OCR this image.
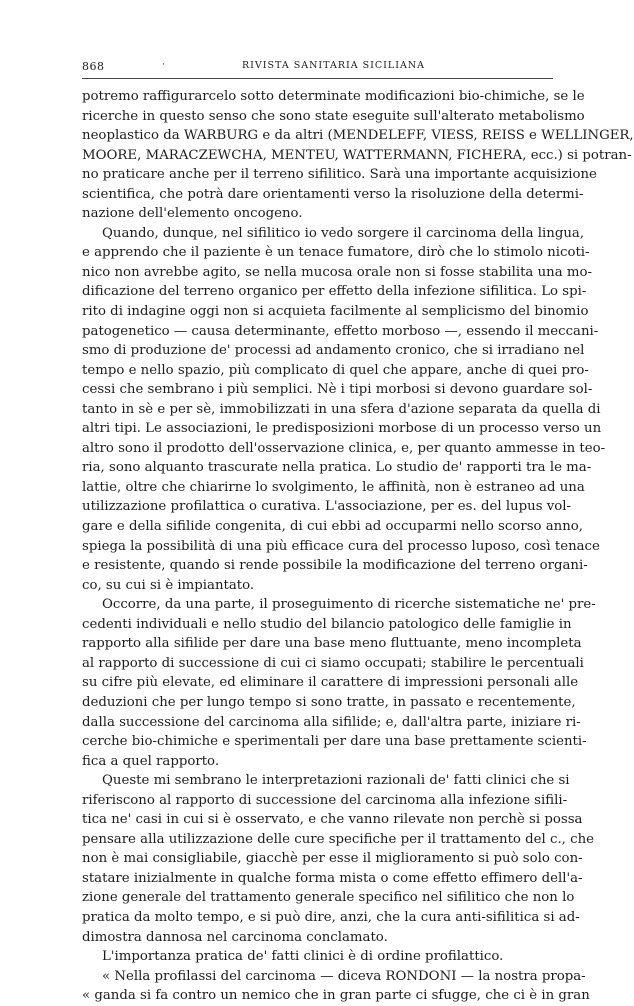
868	·	RIVISTA SANITARIA SICILIANA
potremo raffigurarcelo sotto determinate modificazioni bio-chimiche, se le
ricerche in questo senso che sono state eseguite sull'alterato metabolismo
neoplastico da WARBURG e da altri (MENDELEFF, VIESS, REISS e WELLINGER,
MOORE, MARACZEWCHA, MENTEU, WATTERMANN, FICHERA, ecc.) si potran-
no praticare anche per il terreno sifilitico. Sarà una importante acquisizione
scientifica, che potrà dare orientamenti verso la risoluzione della determi-
nazione dell'elemento oncogeno.
Quando, dunque, nel sifilitico io vedo sorgere il carcinoma della lingua,
e apprendo che il paziente è un tenace fumatore, dirò che lo stimolo nicoti-
nico non avrebbe agito, se nella mucosa orale non si fosse stabilita una mo-
dificazione del terreno organico per effetto della infezione sifilitica. Lo spi-
rito di indagine oggi non si acquieta facilmente al semplicismo del binomio
patogenetico — causa determinante, effetto morboso —, essendo il meccani-
smo di produzione de' processi ad andamento cronico, che si irradiano nel
tempo e nello spazio, più complicato di quel che appare, anche di quei pro-
cessi che sembrano i più semplici. Nè i tipi morbosi si devono guardare sol-
tanto in sè e per sè, immobilizzati in una sfera d'azione separata da quella di
altri tipi. Le associazioni, le predisposizioni morbose di un processo verso un
altro sono il prodotto dell'osservazione clinica, e, per quanto ammesse in teo-
ria, sono alquanto trascurate nella pratica. Lo studio de' rapporti tra le ma-
lattie, oltre che chiarirne lo svolgimento, le affinità, non è estraneo ad una
utilizzazione profilattica o curativa. L'associazione, per es. del lupus vol-
gare e della sifilide congenita, di cui ebbi ad occuparmi nello scorso anno,
spiega la possibilità di una più efficace cura del processo luposo, così tenace
e resistente, quando si rende possibile la modificazione del terreno organi-
co, su cui si è impiantato.
Occorre, da una parte, il proseguimento di ricerche sistematiche ne' pre-
cedenti individuali e nello studio del bilancio patologico delle famiglie in
rapporto alla sifilide per dare una base meno fluttuante, meno incompleta
al rapporto di successione di cui ci siamo occupati; stabilire le percentuali
su cifre più elevate, ed eliminare il carattere di impressioni personali alle
deduzioni che per lungo tempo si sono tratte, in passato e recentemente,
dalla successione del carcinoma alla sifilide; e, dall'altra parte, iniziare ri-
cerche bio-chimiche e sperimentali per dare una base prettamente scienti-
fica a quel rapporto.
Queste mi sembrano le interpretazioni razionali de' fatti clinici che si
riferiscono al rapporto di successione del carcinoma alla infezione sifili-
tica ne' casi in cui si è osservato, e che vanno rilevate non perchè si possa
pensare alla utilizzazione delle cure specifiche per il trattamento del c., che
non è mai consigliabile, giacchè per esse il miglioramento si può solo con-
statare inizialmente in qualche forma mista o come effetto effimero dell'a-
zione generale del trattamento generale specifico nel sifilitico che non lo
pratica da molto tempo, e si può dire, anzi, che la cura anti-sifilitica si ad-
dimostra dannosa nel carcinoma conclamato.
L'importanza pratica de' fatti clinici è di ordine profilattico.
« Nella profilassi del carcinoma — diceva RONDONI — la nostra propa-
« ganda si fa contro un nemico che in gran parte ci sfugge, che ci è in gran
